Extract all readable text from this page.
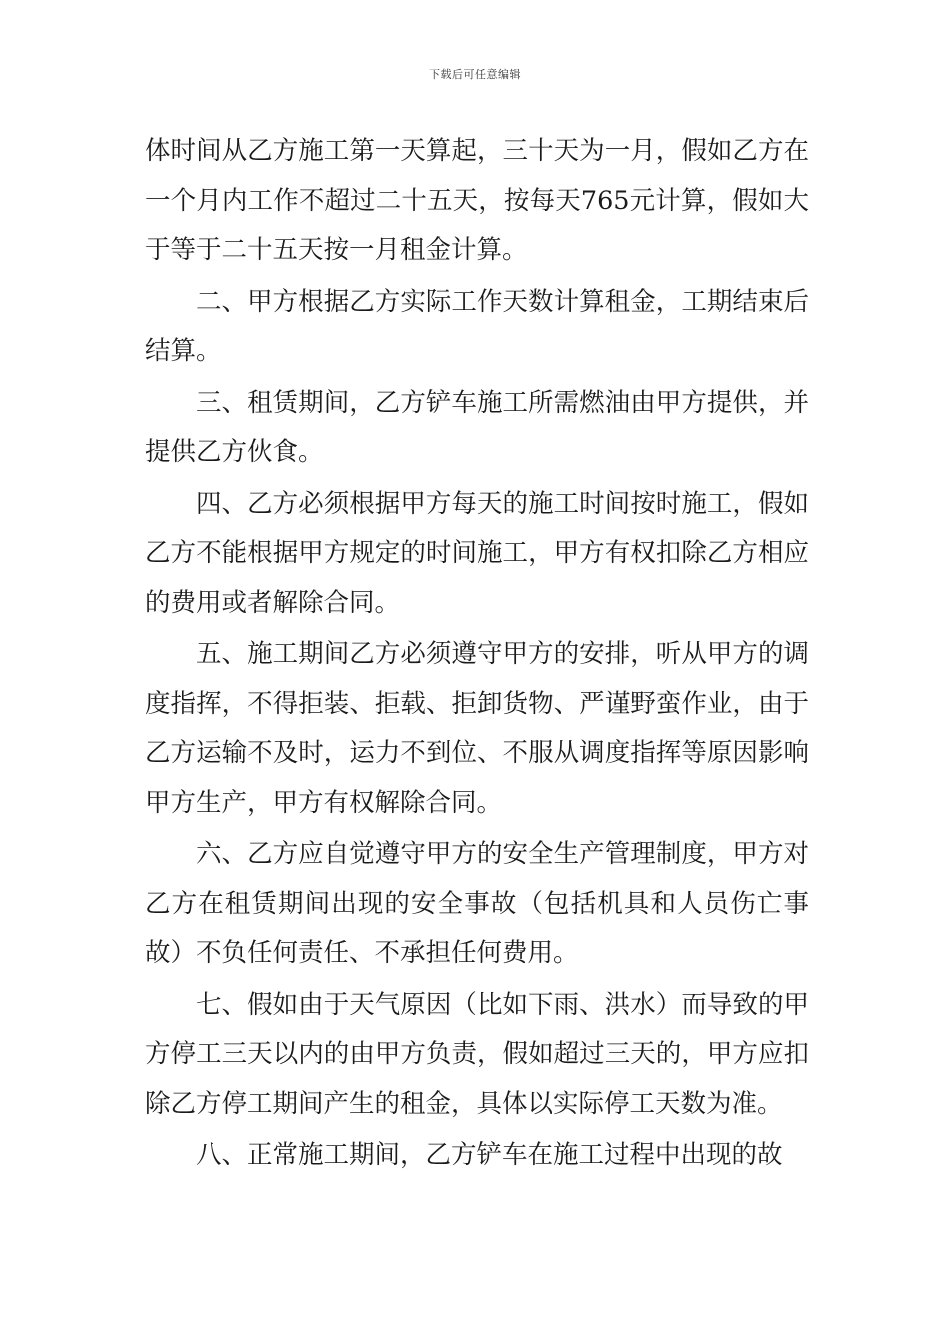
下载后可任意编辑

体时间从乙方施工第一天算起，三十天为一月，假如乙方在一个月内工作不超过二十五天，按每天765元计算，假如大于等于二十五天按一月租金计算。

二、甲方根据乙方实际工作天数计算租金，工期结束后结算。

三、租赁期间，乙方铲车施工所需燃油由甲方提供，并提供乙方伙食。

四、乙方必须根据甲方每天的施工时间按时施工，假如乙方不能根据甲方规定的时间施工，甲方有权扣除乙方相应的费用或者解除合同。

五、施工期间乙方必须遵守甲方的安排，听从甲方的调度指挥，不得拒装、拒载、拒卸货物、严谨野蛮作业，由于乙方运输不及时，运力不到位、不服从调度指挥等原因影响甲方生产，甲方有权解除合同。

六、乙方应自觉遵守甲方的安全生产管理制度，甲方对乙方在租赁期间出现的安全事故（包括机具和人员伤亡事故）不负任何责任、不承担任何费用。

七、假如由于天气原因（比如下雨、洪水）而导致的甲方停工三天以内的由甲方负责，假如超过三天的，甲方应扣除乙方停工期间产生的租金，具体以实际停工天数为准。

八、正常施工期间，乙方铲车在施工过程中出现的故
